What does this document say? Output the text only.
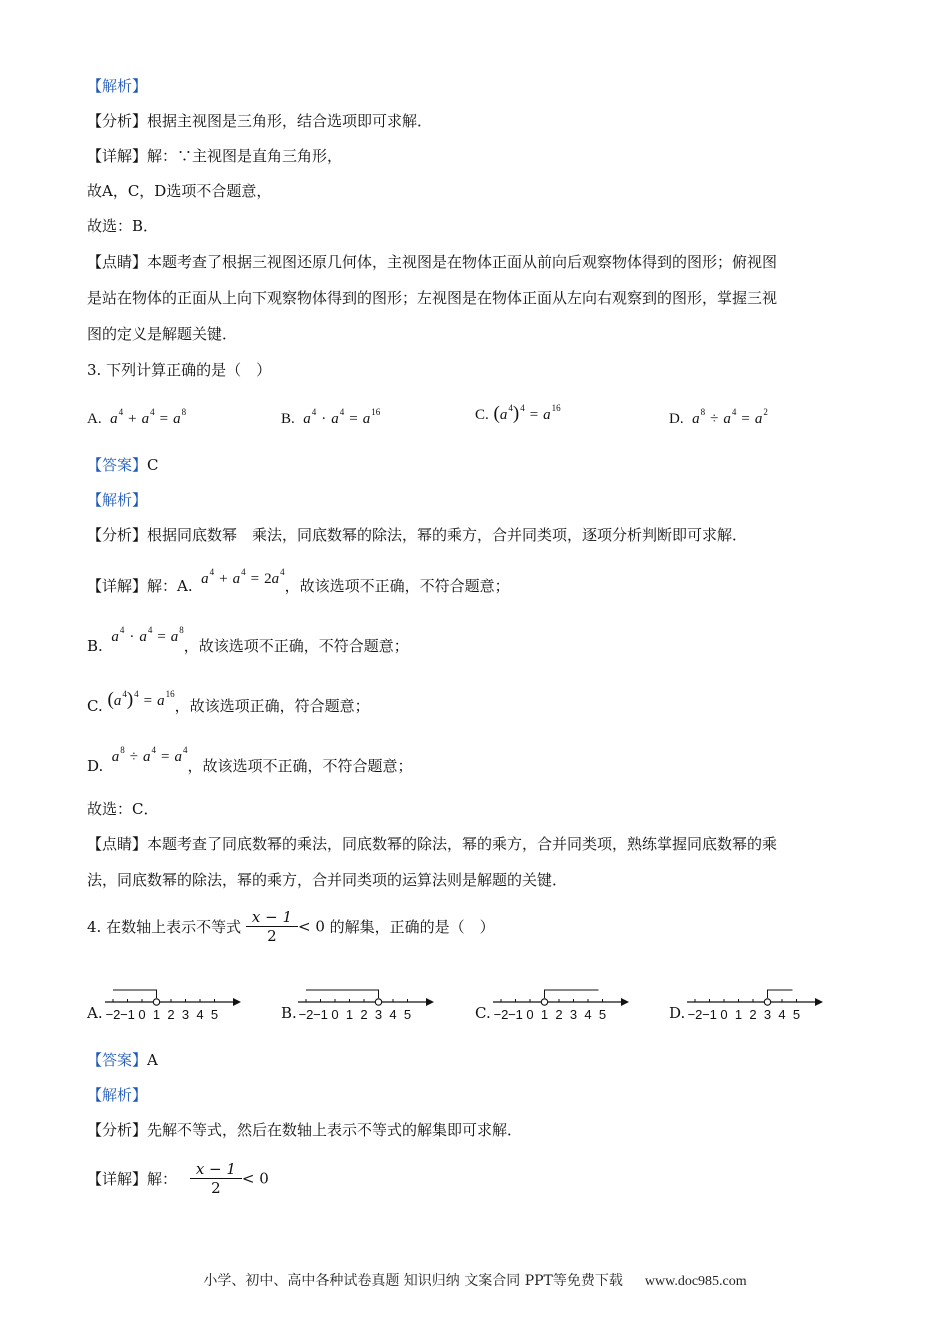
【解析】
【分析】根据主视图是三角形，结合选项即可求解．
【详解】解：∵主视图是直角三角形，
故A，C，D选项不合题意，
故选：B．
【点睛】本题考查了根据三视图还原几何体，主视图是在物体正面从前向后观察物体得到的图形；俯视图
是站在物体的正面从上向下观察物体得到的图形；左视图是在物体正面从左向右观察到的图形，掌握三视
图的定义是解题关键．
3. 下列计算正确的是（　）
A.  $a^4 + a^4 = a^8$	B.  $a^4 \cdot a^4 = a^{16}$	C. $(a^4)^4 = a^{16}$
D.  $a^8 \div a^4 = a^2$
【答案】C
【解析】
【分析】根据同底数幂　乘法，同底数幂的除法，幂的乘方，合并同类项，逐项分析判断即可求解．
【详解】解：A.  $a^4 + a^4 = 2a^4$，故该选项不正确，不符合题意；
B.  $a^4 \cdot a^4 = a^8$，故该选项不正确，不符合题意；
C. $(a^4)^4 = a^{16}$，故该选项正确，符合题意；
D.  $a^8 \div a^4 = a^4$，故该选项不正确，不符合题意；
故选：C．
【点睛】本题考查了同底数幂的乘法，同底数幂的除法，幂的乘方，合并同类项，熟练掌握同底数幂的乘
法，同底数幂的除法，幂的乘方，合并同类项的运算法则是解题的关键．
4. 在数轴上表示不等式 $\frac{x - 1}{2} < 0$ 的解集，正确的是（　）
A.	B.	C.	D.
−2 −1 0 1 2 3 4 5	−2 −1 0 1 2 3 4 5	−2 −1 0 1 2 3 4 5	−2 −1 0 1 2 3 4 5
【答案】A
【解析】
【分析】先解不等式，然后在数轴上表示不等式的解集即可求解．
【详解】解： $\frac{x - 1}{2} < 0$
小学、初中、高中各种试卷真题 知识归纳 文案合同 PPT等免费下载 www.doc985.com
